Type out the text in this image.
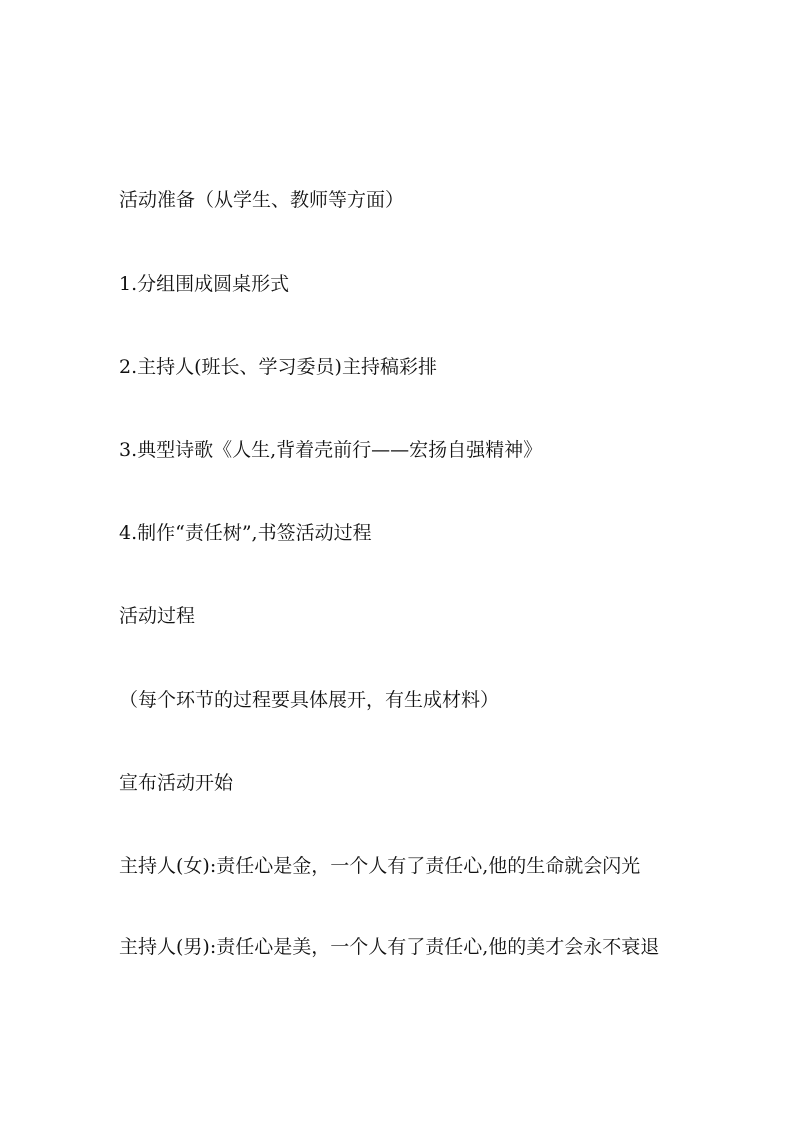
活动准备（从学生、教师等方面）

1.分组围成圆桌形式

2.主持人(班长、学习委员)主持稿彩排

3.典型诗歌《人生,背着壳前行——宏扬自强精神》

4.制作“责任树”,书签活动过程

活动过程

（每个环节的过程要具体展开，有生成材料）

宣布活动开始

主持人(女):责任心是金，一个人有了责任心,他的生命就会闪光

主持人(男):责任心是美，一个人有了责任心,他的美才会永不衰退
